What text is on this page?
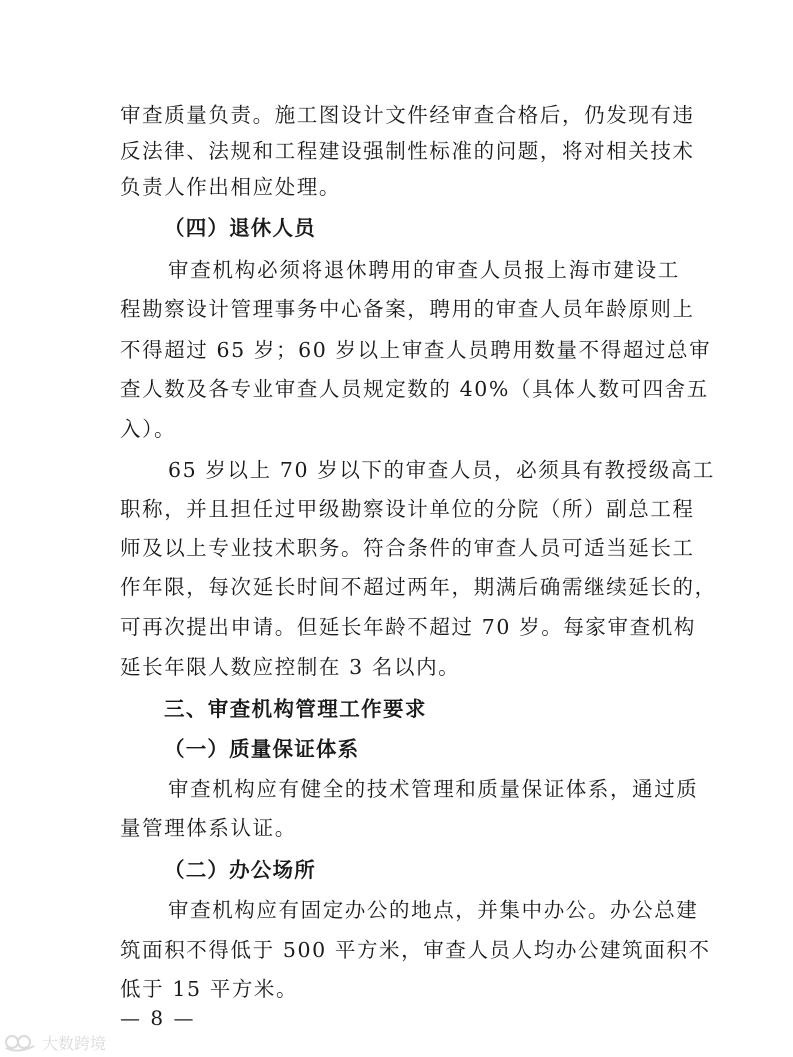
审查质量负责。施工图设计文件经审查合格后，仍发现有违
反法律、法规和工程建设强制性标准的问题，将对相关技术
负责人作出相应处理。
（四）退休人员
审查机构必须将退休聘用的审查人员报上海市建设工
程勘察设计管理事务中心备案，聘用的审查人员年龄原则上
不得超过 65 岁；60 岁以上审查人员聘用数量不得超过总审
查人数及各专业审查人员规定数的 40%（具体人数可四舍五
入）。
65 岁以上 70 岁以下的审查人员，必须具有教授级高工
职称，并且担任过甲级勘察设计单位的分院（所）副总工程
师及以上专业技术职务。符合条件的审查人员可适当延长工
作年限，每次延长时间不超过两年，期满后确需继续延长的，
可再次提出申请。但延长年龄不超过 70 岁。每家审查机构
延长年限人数应控制在 3 名以内。
三、审查机构管理工作要求
（一）质量保证体系
审查机构应有健全的技术管理和质量保证体系，通过质
量管理体系认证。
（二）办公场所
审查机构应有固定办公的地点，并集中办公。办公总建
筑面积不得低于 500 平方米，审查人员人均办公建筑面积不
低于 15 平方米。
— 8 —
大数跨境
